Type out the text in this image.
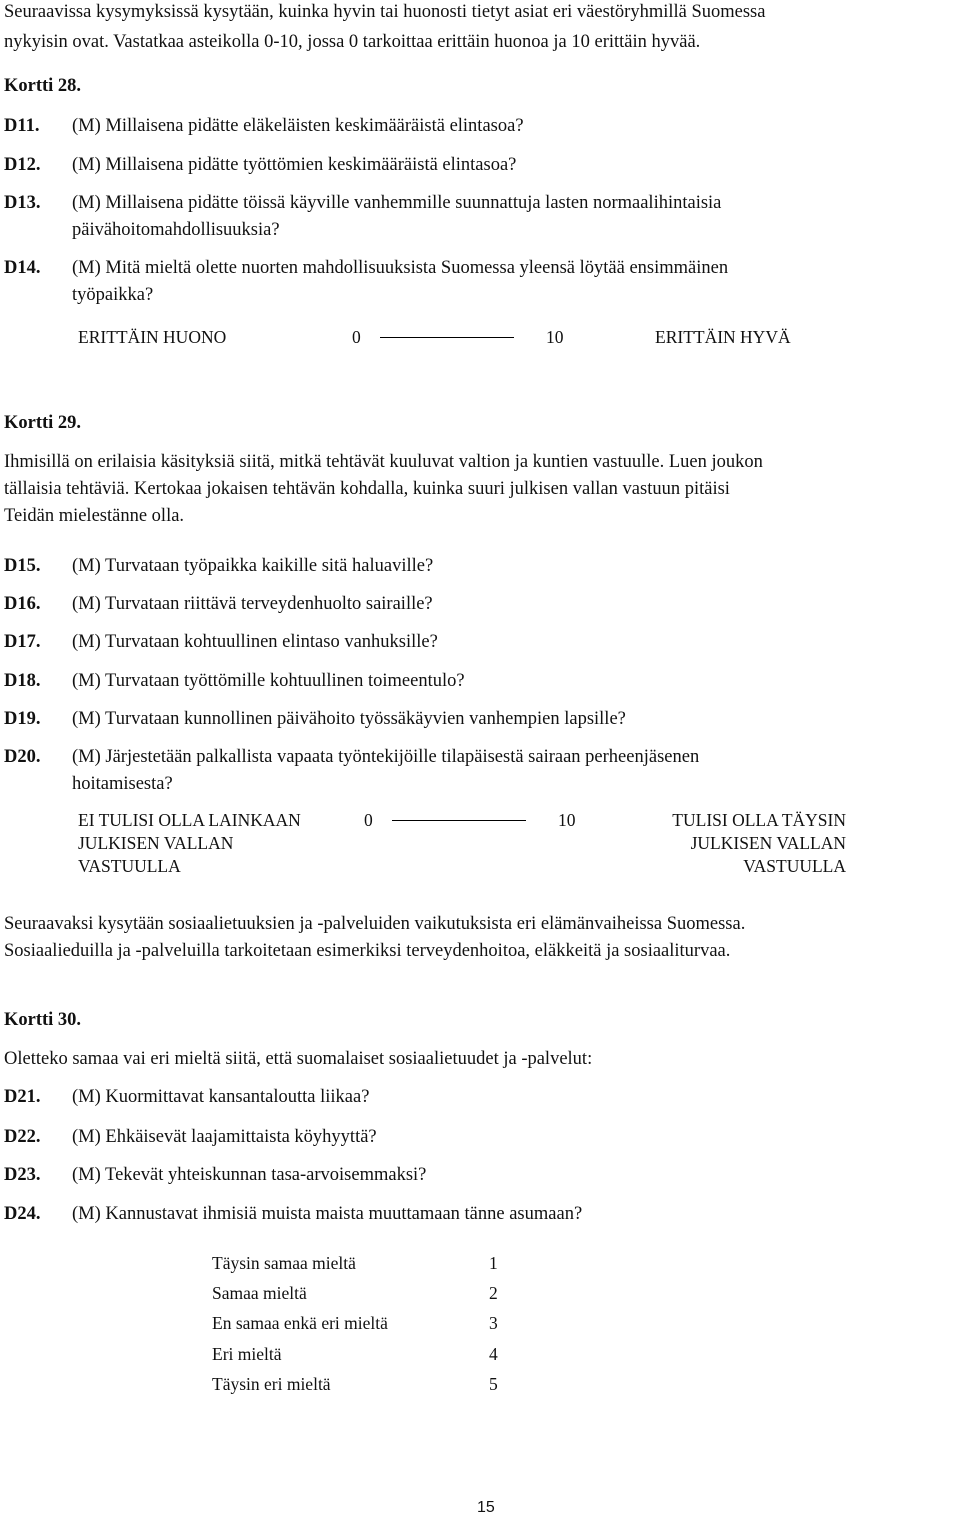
Seuraavissa kysymyksissä kysytään, kuinka hyvin tai huonosti tietyt asiat eri väestöryhmillä Suomessa
nykyisin ovat. Vastatkaa asteikolla 0-10, jossa 0 tarkoittaa erittäin huonoa ja 10 erittäin hyvää.
Kortti 28.
D11. (M) Millaisena pidätte eläkeläisten keskimääräistä elintasoa?
D12. (M) Millaisena pidätte työttömien keskimääräistä elintasoa?
D13. (M) Millaisena pidätte töissä käyville vanhemmille suunnattuja lasten normaalihintaisia
päivähoitomahdollisuuksia?
D14. (M) Mitä mieltä olette nuorten mahdollisuuksista Suomessa yleensä löytää ensimmäinen
työpaikka?
ERITTÄIN HUONO	0	10	ERITTÄIN HYVÄ
Kortti 29.
Ihmisillä on erilaisia käsityksiä siitä, mitkä tehtävät kuuluvat valtion ja kuntien vastuulle. Luen joukon
tällaisia tehtäviä. Kertokaa jokaisen tehtävän kohdalla, kuinka suuri julkisen vallan vastuun pitäisi
Teidän mielestänne olla.
D15. (M) Turvataan työpaikka kaikille sitä haluaville?
D16. (M) Turvataan riittävä terveydenhuolto sairaille?
D17. (M) Turvataan kohtuullinen elintaso vanhuksille?
D18. (M) Turvataan työttömille kohtuullinen toimeentulo?
D19. (M) Turvataan kunnollinen päivähoito työssäkäyvien vanhempien lapsille?
D20. (M) Järjestetään palkallista vapaata työntekijöille tilapäisestä sairaan perheenjäsenen
hoitamisesta?
EI TULISI OLLA LAINKAAN
JULKISEN VALLAN
VASTUULLA
0	10	TULISI OLLA TÄYSIN
JULKISEN VALLAN
VASTUULLA
Seuraavaksi kysytään sosiaalietuuksien ja -palveluiden vaikutuksista eri elämänvaiheissa Suomessa.
Sosiaalieduilla ja -palveluilla tarkoitetaan esimerkiksi terveydenhoitoa, eläkkeitä ja sosiaaliturvaa.
Kortti 30.
Oletteko samaa vai eri mieltä siitä, että suomalaiset sosiaalietuudet ja -palvelut:
D21. (M) Kuormittavat kansantaloutta liikaa?
D22. (M) Ehkäisevät laajamittaista köyhyyttä?
D23. (M) Tekevät yhteiskunnan tasa-arvoisemmaksi?
D24. (M) Kannustavat ihmisiä muista maista muuttamaan tänne asumaan?
Täysin samaa mieltä	1
Samaa mieltä	2
En samaa enkä eri mieltä	3
Eri mieltä	4
Täysin eri mieltä	5
15
